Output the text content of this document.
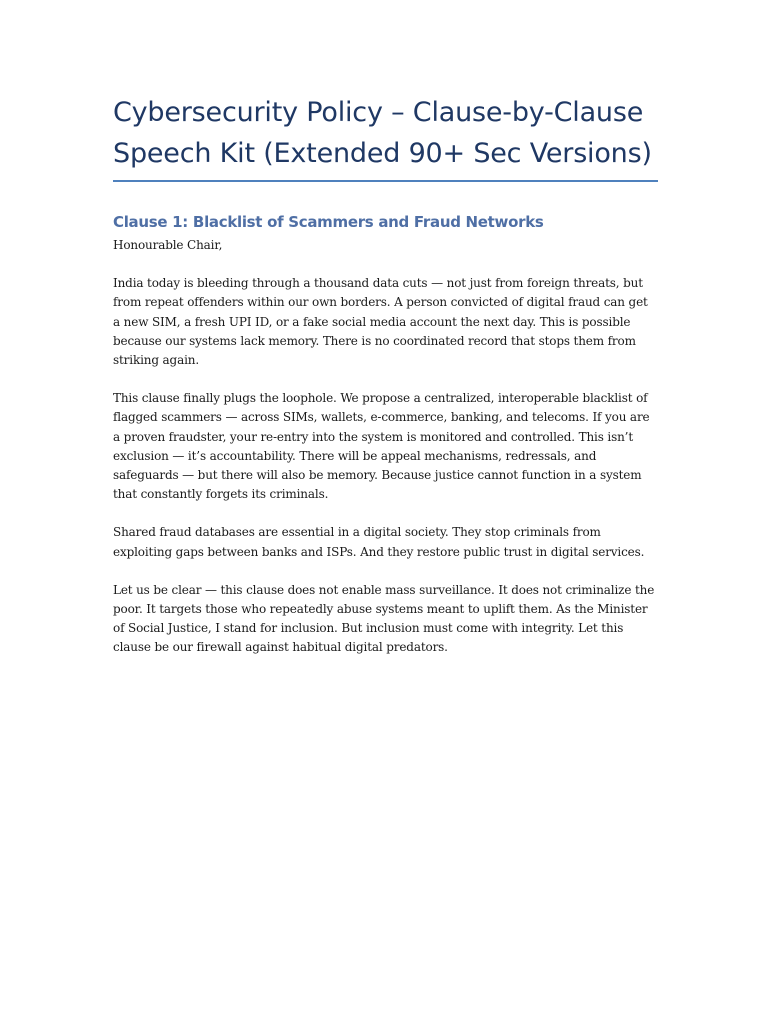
Cybersecurity Policy – Clause-by-Clause
Speech Kit (Extended 90+ Sec Versions)
Clause 1: Blacklist of Scammers and Fraud Networks

Honourable Chair,

India today is bleeding through a thousand data cuts — not just from foreign threats, but from repeat offenders within our own borders. A person convicted of digital fraud can get a new SIM, a fresh UPI ID, or a fake social media account the next day. This is possible because our systems lack memory. There is no coordinated record that stops them from striking again.

This clause finally plugs the loophole. We propose a centralized, interoperable blacklist of flagged scammers — across SIMs, wallets, e-commerce, banking, and telecoms. If you are a proven fraudster, your re-entry into the system is monitored and controlled. This isn’t exclusion — it’s accountability. There will be appeal mechanisms, redressals, and safeguards — but there will also be memory. Because justice cannot function in a system that constantly forgets its criminals.

Shared fraud databases are essential in a digital society. They stop criminals from exploiting gaps between banks and ISPs. And they restore public trust in digital services.

Let us be clear — this clause does not enable mass surveillance. It does not criminalize the poor. It targets those who repeatedly abuse systems meant to uplift them. As the Minister of Social Justice, I stand for inclusion. But inclusion must come with integrity. Let this clause be our firewall against habitual digital predators.
